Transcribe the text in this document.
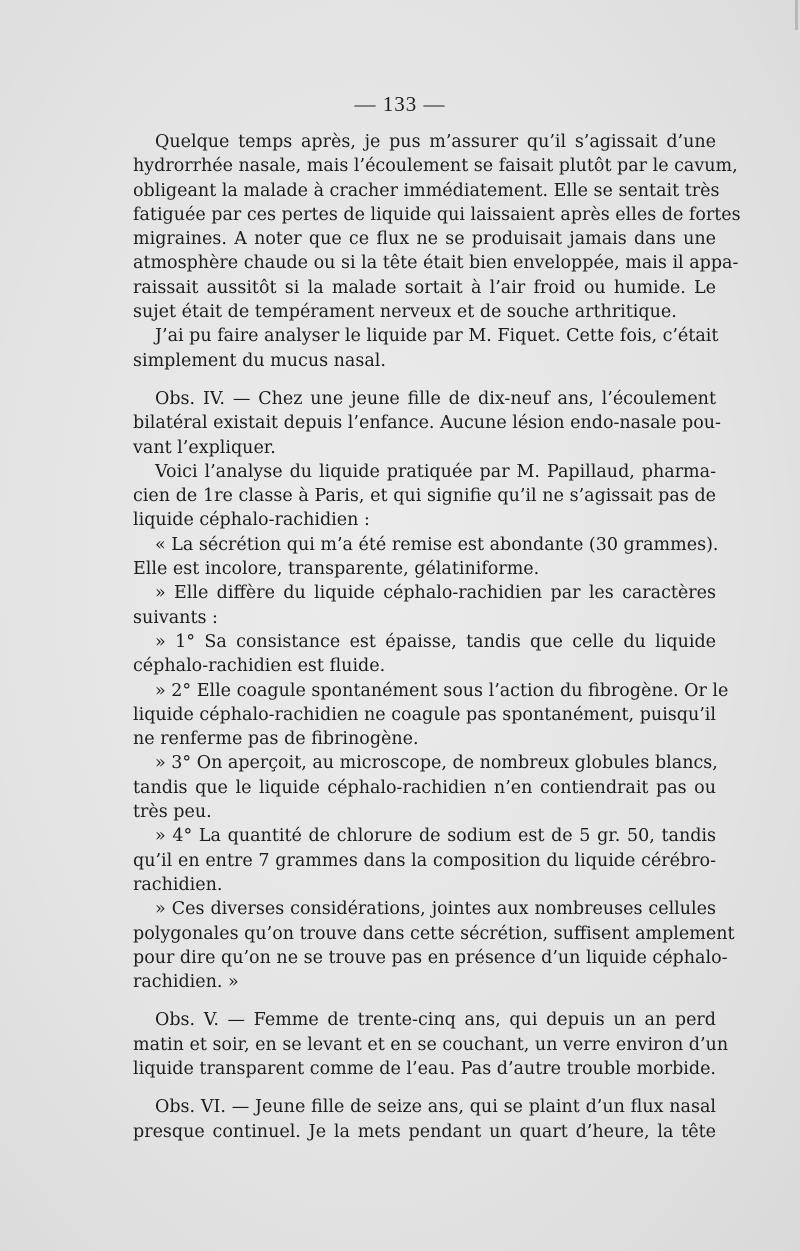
— 133 —
Quelque temps après, je pus m’assurer qu’il s’agissait d’une
hydrorrhée nasale, mais l’écoulement se faisait plutôt par le cavum,
obligeant la malade à cracher immédiatement. Elle se sentait très
fatiguée par ces pertes de liquide qui laissaient après elles de fortes
migraines. A noter que ce flux ne se produisait jamais dans une
atmosphère chaude ou si la tête était bien enveloppée, mais il appa-
raissait aussitôt si la malade sortait à l’air froid ou humide. Le
sujet était de tempérament nerveux et de souche arthritique.
J’ai pu faire analyser le liquide par M. Fiquet. Cette fois, c’était
simplement du mucus nasal.
Obs. IV. — Chez une jeune fille de dix-neuf ans, l’écoulement
bilatéral existait depuis l’enfance. Aucune lésion endo-nasale pou-
vant l’expliquer.
Voici l’analyse du liquide pratiquée par M. Papillaud, pharma-
cien de 1re classe à Paris, et qui signifie qu’il ne s’agissait pas de
liquide céphalo-rachidien :
« La sécrétion qui m’a été remise est abondante (30 grammes).
Elle est incolore, transparente, gélatiniforme.
» Elle diffère du liquide céphalo-rachidien par les caractères
suivants :
» 1° Sa consistance est épaisse, tandis que celle du liquide
céphalo-rachidien est fluide.
» 2° Elle coagule spontanément sous l’action du fibrogène. Or le
liquide céphalo-rachidien ne coagule pas spontanément, puisqu’il
ne renferme pas de fibrinogène.
» 3° On aperçoit, au microscope, de nombreux globules blancs,
tandis que le liquide céphalo-rachidien n’en contiendrait pas ou
très peu.
» 4° La quantité de chlorure de sodium est de 5 gr. 50, tandis
qu’il en entre 7 grammes dans la composition du liquide cérébro-
rachidien.
» Ces diverses considérations, jointes aux nombreuses cellules
polygonales qu’on trouve dans cette sécrétion, suffisent amplement
pour dire qu’on ne se trouve pas en présence d’un liquide céphalo-
rachidien. »
Obs. V. — Femme de trente-cinq ans, qui depuis un an perd
matin et soir, en se levant et en se couchant, un verre environ d’un
liquide transparent comme de l’eau. Pas d’autre trouble morbide.
Obs. VI. — Jeune fille de seize ans, qui se plaint d’un flux nasal
presque continuel. Je la mets pendant un quart d’heure, la tête
